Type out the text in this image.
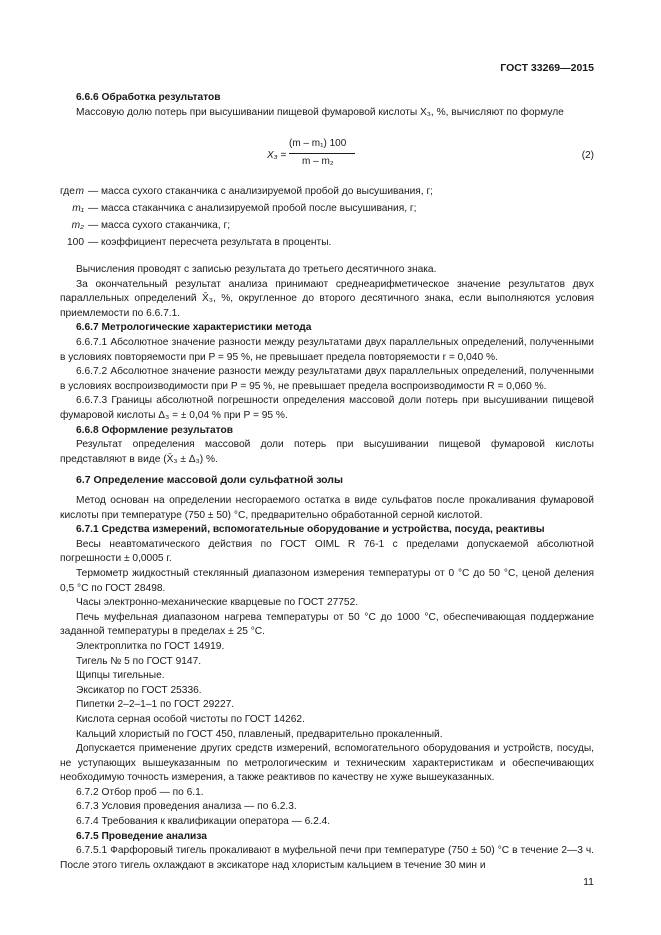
ГОСТ 33269—2015

6.6.6 Обработка результатов

Массовую долю потерь при высушивании пищевой фумаровой кислоты X₃, %, вычисляют по формуле

X₃ =
(m – m₁) 100
m – m₂
(2)
где m — масса сухого стаканчика с анализируемой пробой до высушивания, г;
m₁ — масса стаканчика с анализируемой пробой после высушивания, г;
m₂ — масса сухого стаканчика, г;
100 — коэффициент пересчета результата в проценты.

Вычисления проводят с записью результата до третьего десятичного знака.

За окончательный результат анализа принимают среднеарифметическое значение результатов двух параллельных определений X̄₃, %, округленное до второго десятичного знака, если выполняются условия приемлемости по 6.6.7.1.

6.6.7 Метрологические характеристики метода

6.6.7.1 Абсолютное значение разности между результатами двух параллельных определений, полученными в условиях повторяемости при P = 95 %, не превышает предела повторяемости r = 0,040 %.

6.6.7.2 Абсолютное значение разности между результатами двух параллельных определений, полученными в условиях воспроизводимости при P = 95 %, не превышает предела воспроизводимости R = 0,060 %.

6.6.7.3 Границы абсолютной погрешности определения массовой доли потерь при высушивании пищевой фумаровой кислоты Δ₃ = ± 0,04 % при P = 95 %.

6.6.8 Оформление результатов

Результат определения массовой доли потерь при высушивании пищевой фумаровой кислоты представляют в виде (X̄₃ ± Δ₃) %.

6.7 Определение массовой доли сульфатной золы

Метод основан на определении несгораемого остатка в виде сульфатов после прокаливания фумаровой кислоты при температуре (750 ± 50) °С, предварительно обработанной серной кислотой.

6.7.1 Средства измерений, вспомогательные оборудование и устройства, посуда, реактивы

Весы неавтоматического действия по ГОСТ OIML R 76-1 с пределами допускаемой абсолютной погрешности ± 0,0005 г.

Термометр жидкостный стеклянный диапазоном измерения температуры от 0 °С до 50 °С, ценой деления 0,5 °С по ГОСТ 28498.

Часы электронно-механические кварцевые по ГОСТ 27752.

Печь муфельная диапазоном нагрева температуры от 50 °С до 1000 °С, обеспечивающая поддержание заданной температуры в пределах ± 25 °С.

Электроплитка по ГОСТ 14919.

Тигель № 5 по ГОСТ 9147.

Щипцы тигельные.

Эксикатор по ГОСТ 25336.

Пипетки 2–2–1–1 по ГОСТ 29227.

Кислота серная особой чистоты по ГОСТ 14262.

Кальций хлористый по ГОСТ 450, плавленый, предварительно прокаленный.

Допускается применение других средств измерений, вспомогательного оборудования и устройств, посуды, не уступающих вышеуказанным по метрологическим и техническим характеристикам и обеспечивающих необходимую точность измерения, а также реактивов по качеству не хуже вышеуказанных.

6.7.2 Отбор проб — по 6.1.

6.7.3 Условия проведения анализа — по 6.2.3.

6.7.4 Требования к квалификации оператора — 6.2.4.

6.7.5 Проведение анализа

6.7.5.1 Фарфоровый тигель прокаливают в муфельной печи при температуре (750 ± 50) °С в течение 2—3 ч. После этого тигель охлаждают в эксикаторе над хлористым кальцием в течение 30 мин и

11
